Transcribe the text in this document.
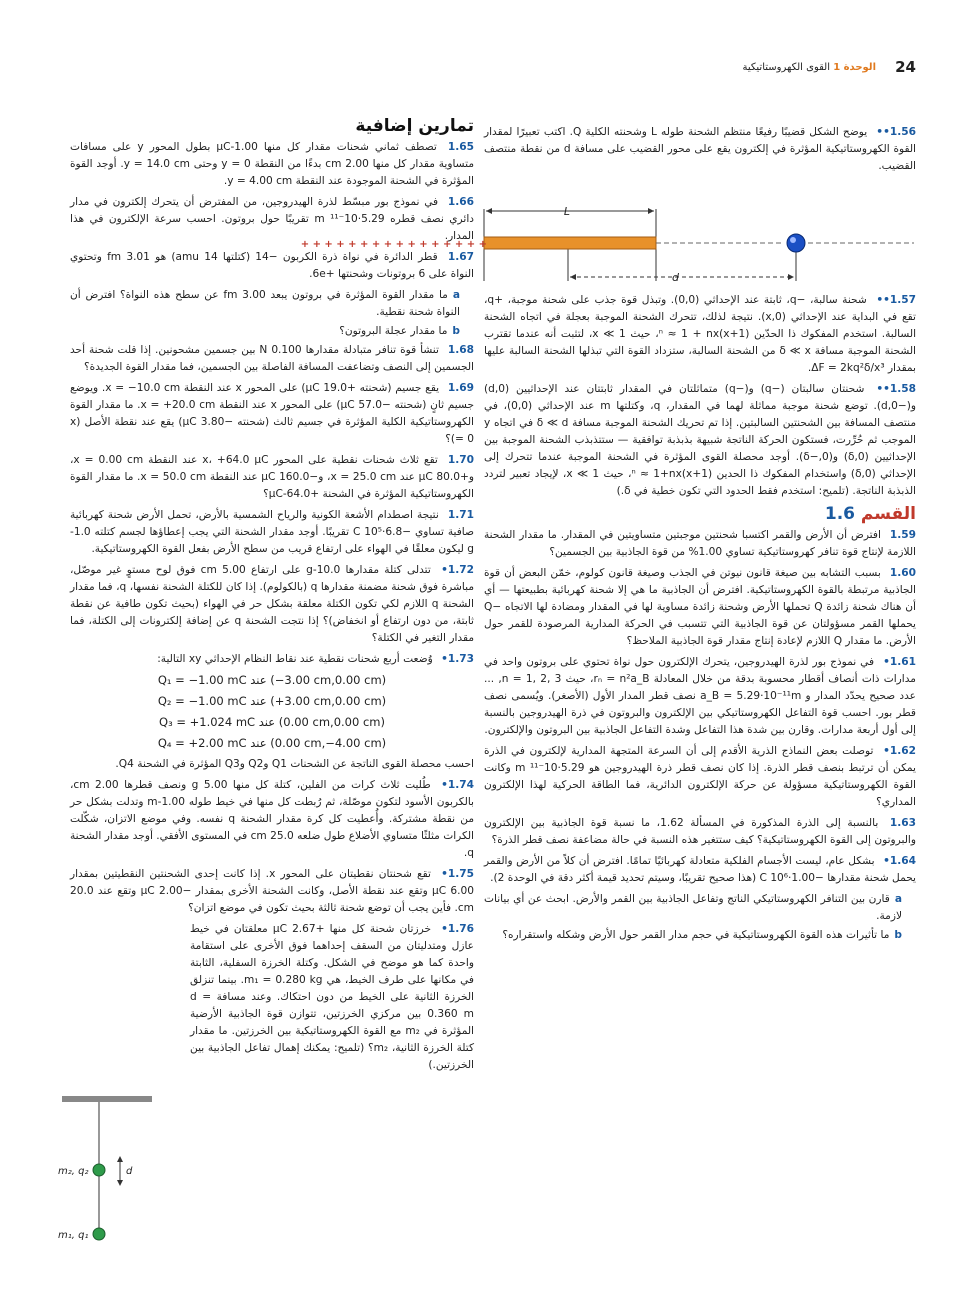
24
الوحدة 1 القوى الكهروستاتيكية
1.56•• يوضح الشكل قضيبًا رفيعًا منتظم الشحنة طوله L وشحنته الكلية Q. اكتب تعبيرًا لمقدار القوة الكهروستاتيكية المؤثرة في إلكترون يقع على محور القضيب على مسافة d من نقطة منتصف القضيب.
+ + + + + + + + + + + + + + + +
L
d
1.57•• شحنة سالبة، −q، ثابتة عند الإحداثي (0,0). وتبذل قوة جذب على شحنة موجبة، +q، تقع في البداية عند الإحداثي (x,0). نتيجة لذلك، تتحرك الشحنة الموجبة بعجلة في اتجاه الشحنة السالبة. استخدم المفكوك ذا الحدّين (1+x)ⁿ ≈ 1 + nx، حيث x ≪ 1، لتثبت أنه عندما تقترب الشحنة الموجبة مسافة δ ≪ x من الشحنة السالبة، ستزداد القوة التي تبذلها الشحنة السالبة عليها بمقدار ΔF = 2kq²δ/x³.
1.58•• شحنتان سالبتان (−q) و(−q) متماثلتان في المقدار ثابتتان عند الإحداثيين (d,0) و(−d,0). توضع شحنة موجبة مماثلة لهما في المقدار، q، وكتلتها m عند الإحداثي (0,0)، في منتصف المسافة بين الشحنتين السالبتين. إذا تم تحريك الشحنة الموجبة مسافة δ ≪ d في اتجاه y الموجب ثم حُرِّرت، فستكون الحركة الناتجة شبيهة بذبذبة توافقية — ستتذبذب الشحنة الموجبة بين الإحداثيين (0,δ) و(0,−δ). أوجد محصلة القوى المؤثرة في الشحنة الموجبة عندما تتحرك إلى الإحداثي (0,δ) واستخدام المفكوك ذا الحدين (1+x)ⁿ ≈ 1+nx، حيث x ≪ 1، لإيجاد تعبير لتردد الذبذبة الناتجة. (تلميح: استخدم فقط الحدود التي تكون خطية في δ.)
القسم 1.6
1.59 افترض أن الأرض والقمر اكتسبا شحنتين موجبتين متساويتين في المقدار. ما مقدار الشحنة اللازمة لإنتاج قوة تنافر كهروستاتيكية تساوي 1.00% من قوة الجاذبية بين الجسمين؟
1.60 بسبب التشابه بين صيغة قانون نيوتن في الجذب وصيغة قانون كولوم، خمّن البعض أن قوة الجاذبية مرتبطة بالقوة الكهروستاتيكية. افترض أن الجاذبية ما هي إلا شحنة كهربائية بطبيعتها — أي أن هناك شحنة زائدة Q تحملها الأرض وشحنة زائدة مساوية لها في المقدار ومضادة لها الاتجاه −Q يحملها القمر مسؤولتان عن قوة الجاذبية التي تتسبب في الحركة المدارية المرصودة للقمر حول الأرض. ما مقدار Q اللازم لإعادة إنتاج مقدار قوة الجاذبية الملاحظ؟
1.61• في نموذج بور لذرة الهيدروجين، يتحرك الإلكترون حول نواة تحتوي على بروتون واحد في مدارات ذات أنصاف أقطار محسوبة بدقة من خلال المعادلة rₙ = n²a_B، حيث n = 1, 2, 3, ... عدد صحيح يحدّد المدار و a_B = 5.29·10⁻¹¹m نصف قطر المدار الأول (الأصغر). ويُسمى نصف قطر بور. احسب قوة التفاعل الكهروستاتيكي بين الإلكترون والبروتون في ذرة الهيدروجين بالنسبة إلى أول أربعة مدارات. وقارن بين شدة هذا التفاعل وشدة التفاعل الجاذبية بين البروتون والإلكترون.
1.62• توصلت بعض النماذج الذرية الأقدم إلى أن السرعة المتجهة المدارية لإلكترون في الذرة يمكن أن ترتبط بنصف قطر الذرة. إذا كان نصف قطر ذرة الهيدروجين هو 5.29·10⁻¹¹ m وكانت القوة الكهروستاتيكية مسؤولة عن حركة الإلكترون الدائرية، فما الطاقة الحركية لهذا الإلكترون المداري؟
1.63 بالنسبة إلى الذرة المذكورة في المسألة 1.62، ما نسبة قوة الجاذبية بين الإلكترون والبروتون إلى القوة الكهروستاتيكية؟ كيف ستتغير هذه النسبة في حالة مضاعفة نصف قطر الذرة؟
1.64• بشكل عام، ليست الأجسام الفلكية متعادلة كهربائيًا تمامًا. افترض أن كلاً من الأرض والقمر يحمل شحنة مقدارها −1.00·10⁶ C (هذا صحيح تقريبًا، وسيتم تحديد قيمة أكثر دقة في الوحدة 2).
aقارن بين التنافر الكهروستاتيكي الناتج وتفاعل الجاذبية بين القمر والأرض. ابحث عن أي بيانات لازمة.
bما تأثيرات هذه القوة الكهروستاتيكية في حجم مدار القمر حول الأرض وشكله واستقراره؟
تمارين إضافية
1.65 تصطف ثماني شحنات مقدار كل منها 1.00-μC بطول المحور y على مسافات متساوية مقدار كل منها 2.00 cm بدءًا من النقطة y = 0 وحتى y = 14.0 cm. أوجد القوة المؤثرة في الشحنة الموجودة عند النقطة y = 4.00 cm.
1.66 في نموذج بور مبسّط لذرة الهيدروجين، من المفترض أن يتحرك إلكترون في مدار دائري نصف قطره 5.29·10⁻¹¹ m تقريبًا حول بروتون. احسب سرعة الإلكترون في هذا المدار.
1.67 قطر الدائرة في نواة ذرة الكربون −14 (كتلتها 14 amu) هو 3.01 fm وتحتوي النواة على 6 بروتونات وشحنتها +6e.
aما مقدار القوة المؤثرة في بروتون يبعد 3.00 fm عن سطح هذه النواة؟ افترض أن النواة شحنة نقطية.
bما مقدار عجلة البروتون؟
1.68 تنشأ قوة تنافر متبادلة مقدارها 0.100 N بين جسمين مشحونين. إذا قلت شحنة أحد الجسمين إلى النصف وتضاعفت المسافة الفاصلة بين الجسمين، فما مقدار القوة الجديدة؟
1.69 يقع جسيم (شحنته +19.0 μC) على المحور x عند النقطة x = −10.0 cm. ويوضع جسيم ثانٍ (شحنته −57.0 μC) على المحور x عند النقطة x = +20.0 cm. ما مقدار القوة الكهروستاتيكية الكلية المؤثرة في جسيم ثالث (شحنته −3.80 μC) يقع عند نقطة الأصل (x = 0)؟
1.70 تقع ثلاث شحنات نقطية على المحور x، +64.0 μC عند النقطة x = 0.00 cm، و+80.0 μC عند x = 25.0 cm، و−160.0 μC عند النقطة x = 50.0 cm. ما مقدار القوة الكهروستاتيكية المؤثرة في الشحنة +64.0-μC؟
1.71 نتيجة اصطدام الأشعة الكونية والرياح الشمسية بالأرض، تحمل الأرض شحنة كهربائية صافية تساوي −6.8·10⁵ C تقريبًا. أوجد مقدار الشحنة التي يجب إعطاؤها لجسم كتلته 1.0-g ليكون معلقًا في الهواء على ارتفاع قريب من سطح الأرض بفعل القوة الكهروستاتيكية.
1.72• تتدلى كتلة مقدارها 10.0-g على ارتفاع 5.00 cm فوق لوح مستوٍ غير موصّل، مباشرة فوق شحنة مضمنة مقدارها q (بالكولوم). إذا كان للكتلة الشحنة نفسها، q، فما مقدار الشحنة q اللازم لكي تكون الكتلة معلقة بشكل حر في الهواء (بحيث تكون طافية عن نقطة ثابتة، من دون ارتفاع أو انخفاض)؟ إذا نتجت الشحنة q عن إضافة إلكترونات إلى الكتلة، فما مقدار التغير في الكتلة؟
1.73• وُضعت أربع شحنات نقطية عند نقاط النظام الإحداثي xy التالية:
Q₁ = −1.00 mC عند (−3.00 cm,0.00 cm)
Q₂ = −1.00 mC عند (+3.00 cm,0.00 cm)
Q₃ = +1.024 mC عند (0.00 cm,0.00 cm)
Q₄ = +2.00 mC عند (0.00 cm,−4.00 cm)
احسب محصلة القوى الناتجة عن الشحنات Q1 وQ2 وQ3 المؤثرة في الشحنة Q4.
1.74• طُليت ثلاث كرات من الفلين، كتلة كل منها 5.00 g ونصف قطرها 2.00 cm، بالكربون الأسود لتكون موصّلة، ثم رُبطت كل منها في خيط طوله 1.00-m وتدلت بشكل حر من نقطة مشتركة. وأُعطيت كل كرة مقدار الشحنة q نفسه. وفي موضع الاتزان، شكّلت الكرات مثلثًا متساوي الأضلاع طول ضلعه 25.0 cm في المستوى الأفقي. أوجد مقدار الشحنة q.
1.75• تقع شحنتان نقطيتان على المحور x. إذا كانت إحدى الشحنتين النقطيتين بمقدار 6.00 μC وتقع عند نقطة الأصل، وكانت الشحنة الأخرى بمقدار −2.00 μC وتقع عند 20.0 cm. فأين يجب أن توضع شحنة ثالثة بحيث تكون في موضع اتزان؟
1.76• خرزتان شحنة كل منها +2.67 μC معلقتان في خيط عازل ومتدليتان من السقف إحداهما فوق الأخرى على استقامة واحدة كما هو موضح في الشكل. وكتلة الخرزة السفلية، الثابتة في مكانها على طرف الخيط، هي m₁ = 0.280 kg. بينما تنزلق الخرزة الثانية على الخيط من دون احتكاك. وعند مسافة d = 0.360 m بين مركزي الخرزتين، تتوازن قوة الجاذبية الأرضية المؤثرة في m₂ مع القوة الكهروستاتيكية بين الخرزتين. ما مقدار كتلة الخرزة الثانية، m₂؟ (تلميح: يمكنك إهمال تفاعل الجاذبية بين الخرزتين.)
m₂, q₂
m₁, q₁
d
